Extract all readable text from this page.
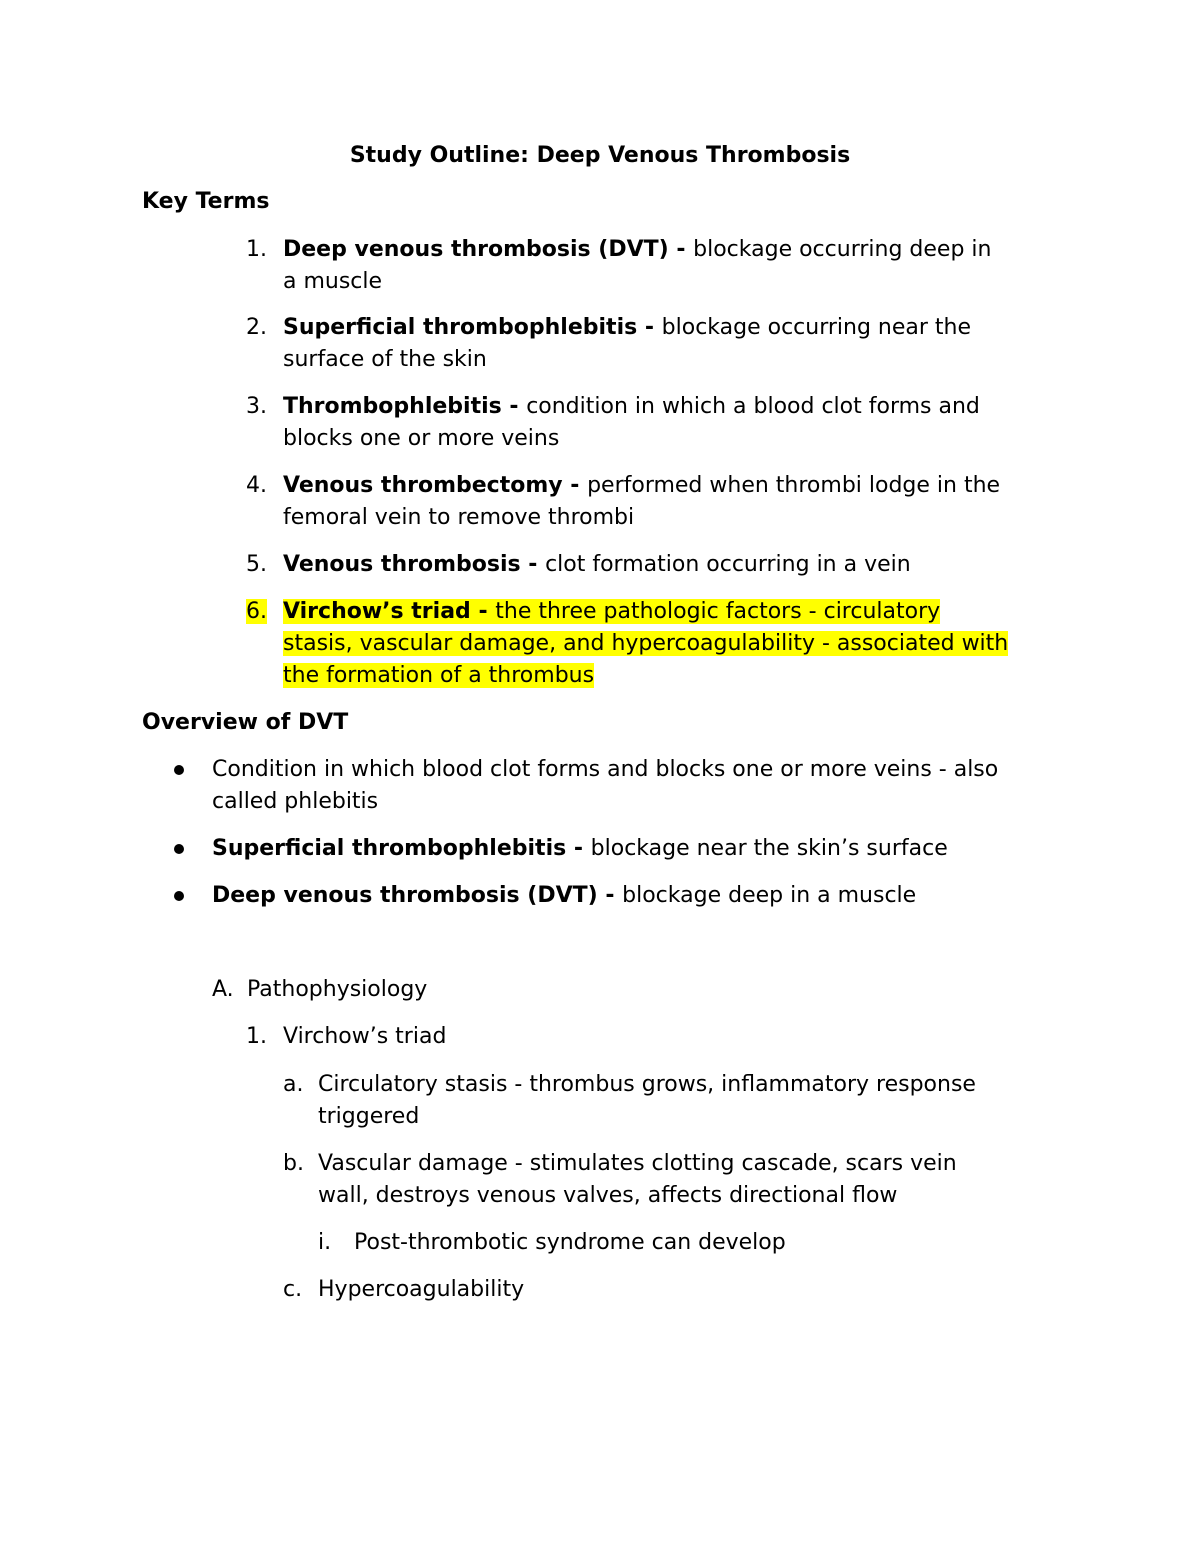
Study Outline: Deep Venous Thrombosis
Key Terms
1. Deep venous thrombosis (DVT) - blockage occurring deep in
a muscle
2. Superficial thrombophlebitis - blockage occurring near the
surface of the skin
3. Thrombophlebitis - condition in which a blood clot forms and
blocks one or more veins
4. Venous thrombectomy - performed when thrombi lodge in the
femoral vein to remove thrombi
5. Venous thrombosis - clot formation occurring in a vein
6. Virchow’s triad - the three pathologic factors - circulatory
stasis, vascular damage, and hypercoagulability - associated with
the formation of a thrombus
Overview of DVT
Condition in which blood clot forms and blocks one or more veins - also
called phlebitis
Superficial thrombophlebitis - blockage near the skin’s surface
Deep venous thrombosis (DVT) - blockage deep in a muscle
A. Pathophysiology
1. Virchow’s triad
a. Circulatory stasis - thrombus grows, inflammatory response
triggered
b. Vascular damage - stimulates clotting cascade, scars vein
wall, destroys venous valves, affects directional flow
i. Post-thrombotic syndrome can develop
c. Hypercoagulability
